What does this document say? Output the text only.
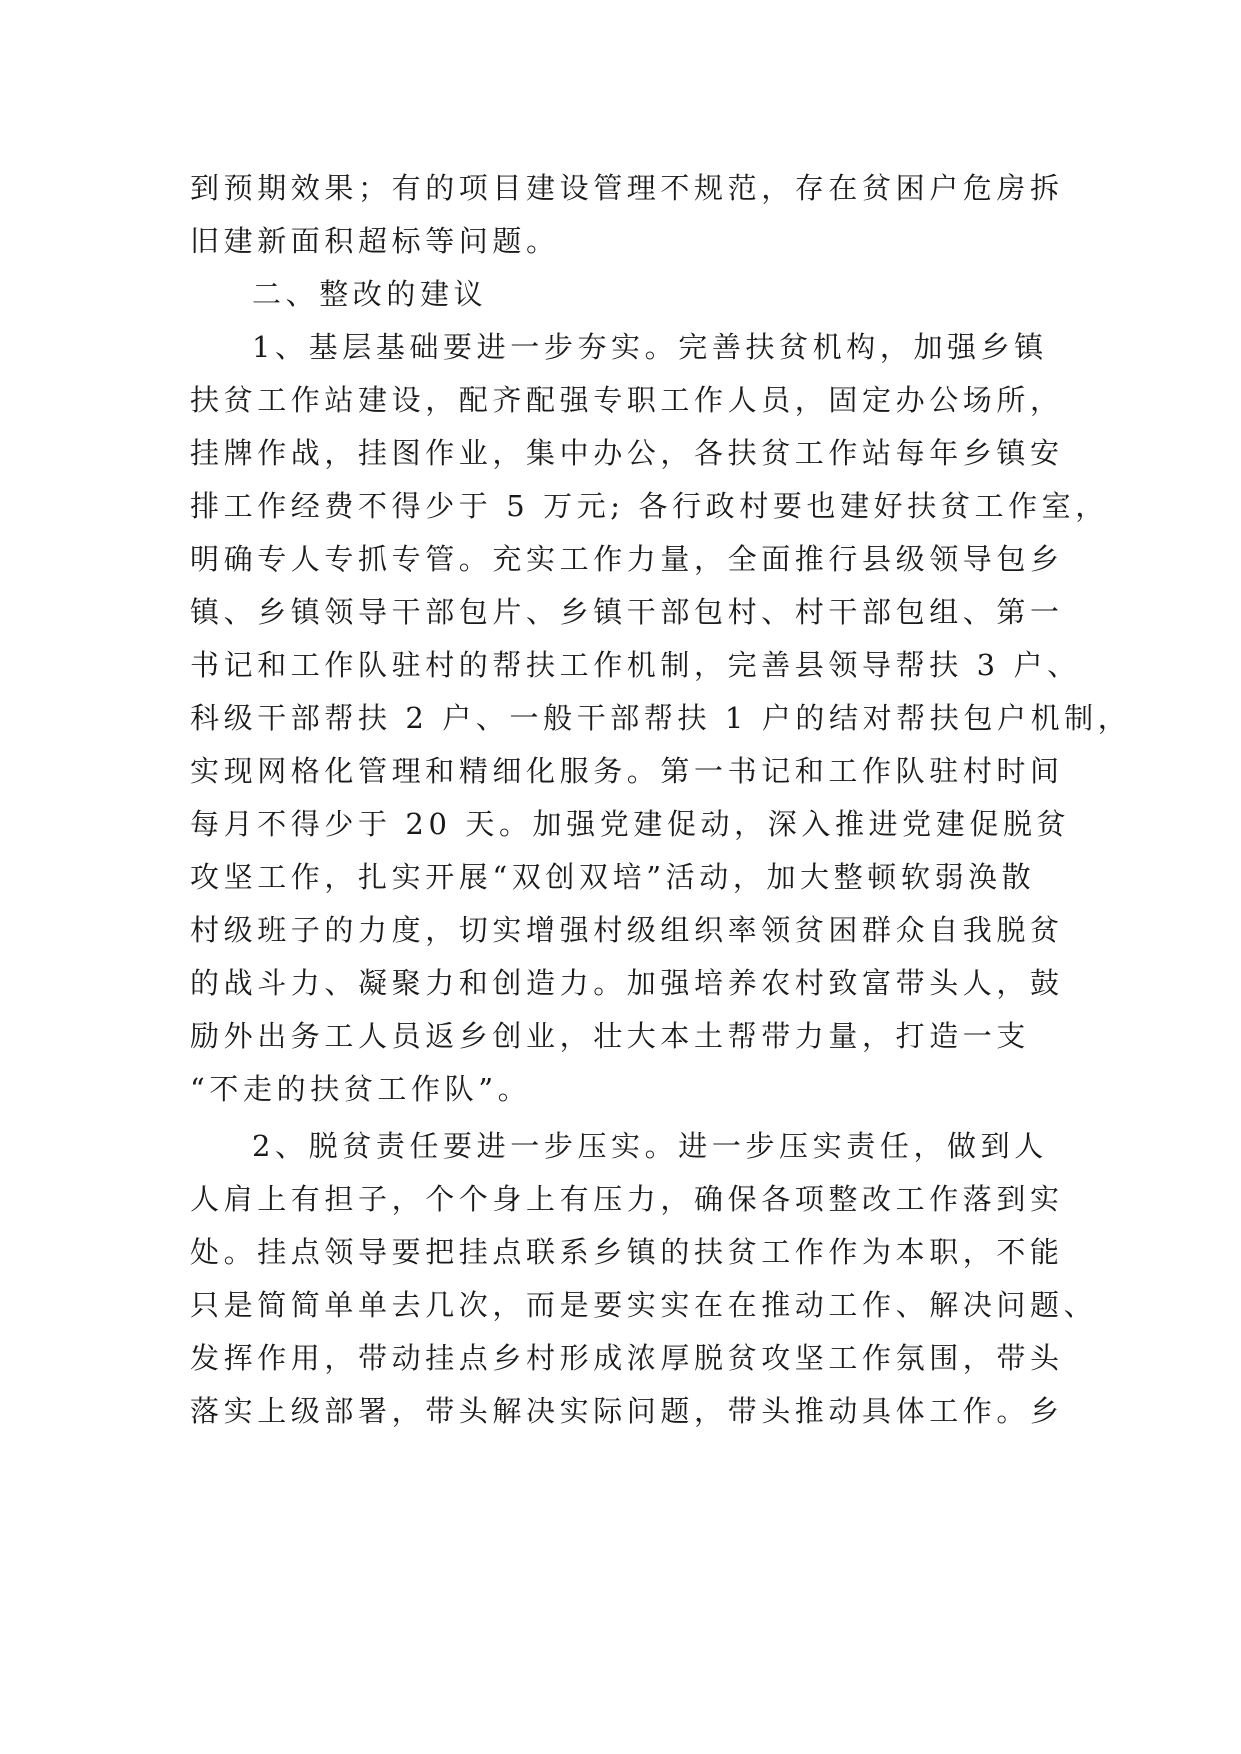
到预期效果；有的项目建设管理不规范，存在贫困户危房拆
旧建新面积超标等问题。
二、整改的建议
1、基层基础要进一步夯实。完善扶贫机构，加强乡镇
扶贫工作站建设，配齐配强专职工作人员，固定办公场所，
挂牌作战，挂图作业，集中办公，各扶贫工作站每年乡镇安
排工作经费不得少于 5 万元; 各行政村要也建好扶贫工作室，
明确专人专抓专管。充实工作力量，全面推行县级领导包乡
镇、乡镇领导干部包片、乡镇干部包村、村干部包组、第一
书记和工作队驻村的帮扶工作机制，完善县领导帮扶 3 户、
科级干部帮扶 2 户、一般干部帮扶 1 户的结对帮扶包户机制，
实现网格化管理和精细化服务。第一书记和工作队驻村时间
每月不得少于 20 天。加强党建促动，深入推进党建促脱贫
攻坚工作，扎实开展“双创双培”活动，加大整顿软弱涣散
村级班子的力度，切实增强村级组织率领贫困群众自我脱贫
的战斗力、凝聚力和创造力。加强培养农村致富带头人，鼓
励外出务工人员返乡创业，壮大本土帮带力量，打造一支
“不走的扶贫工作队”。
2、脱贫责任要进一步压实。进一步压实责任，做到人
人肩上有担子，个个身上有压力，确保各项整改工作落到实
处。挂点领导要把挂点联系乡镇的扶贫工作作为本职，不能
只是简简单单去几次，而是要实实在在推动工作、解决问题、
发挥作用，带动挂点乡村形成浓厚脱贫攻坚工作氛围，带头
落实上级部署，带头解决实际问题，带头推动具体工作。乡
